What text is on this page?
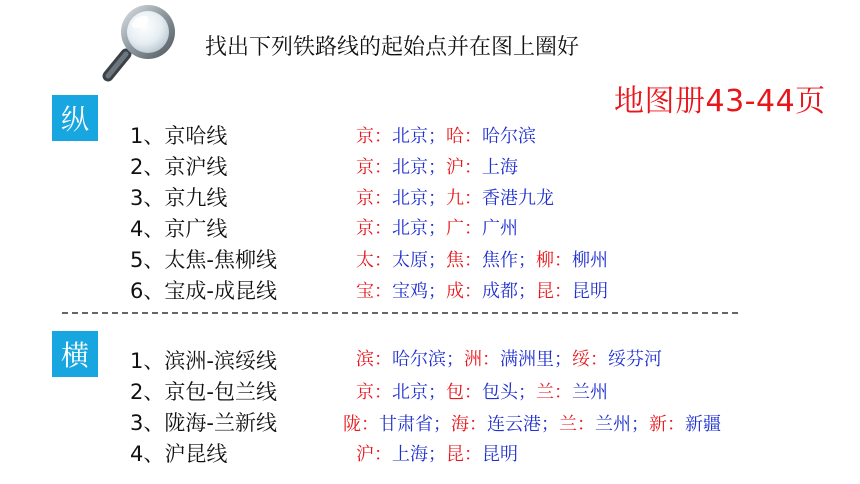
找出下列铁路线的起始点并在图上圈好
地图册43-44页
纵
横
1、京哈线	京：北京；哈：哈尔滨
2、京沪线	京：北京；沪：上海
3、京九线	京：北京；九：香港九龙
4、京广线	京：北京；广：广州
5、太焦-焦柳线	太：太原；焦：焦作；柳：柳州
6、宝成-成昆线	宝：宝鸡；成：成都；昆：昆明
1、滨洲-滨绥线	滨：哈尔滨；洲：满洲里；绥：绥芬河
2、京包-包兰线	京：北京；包：包头；兰：兰州
3、陇海-兰新线	陇：甘肃省；海：连云港；兰：兰州；新：新疆
4、沪昆线	沪：上海；昆：昆明
